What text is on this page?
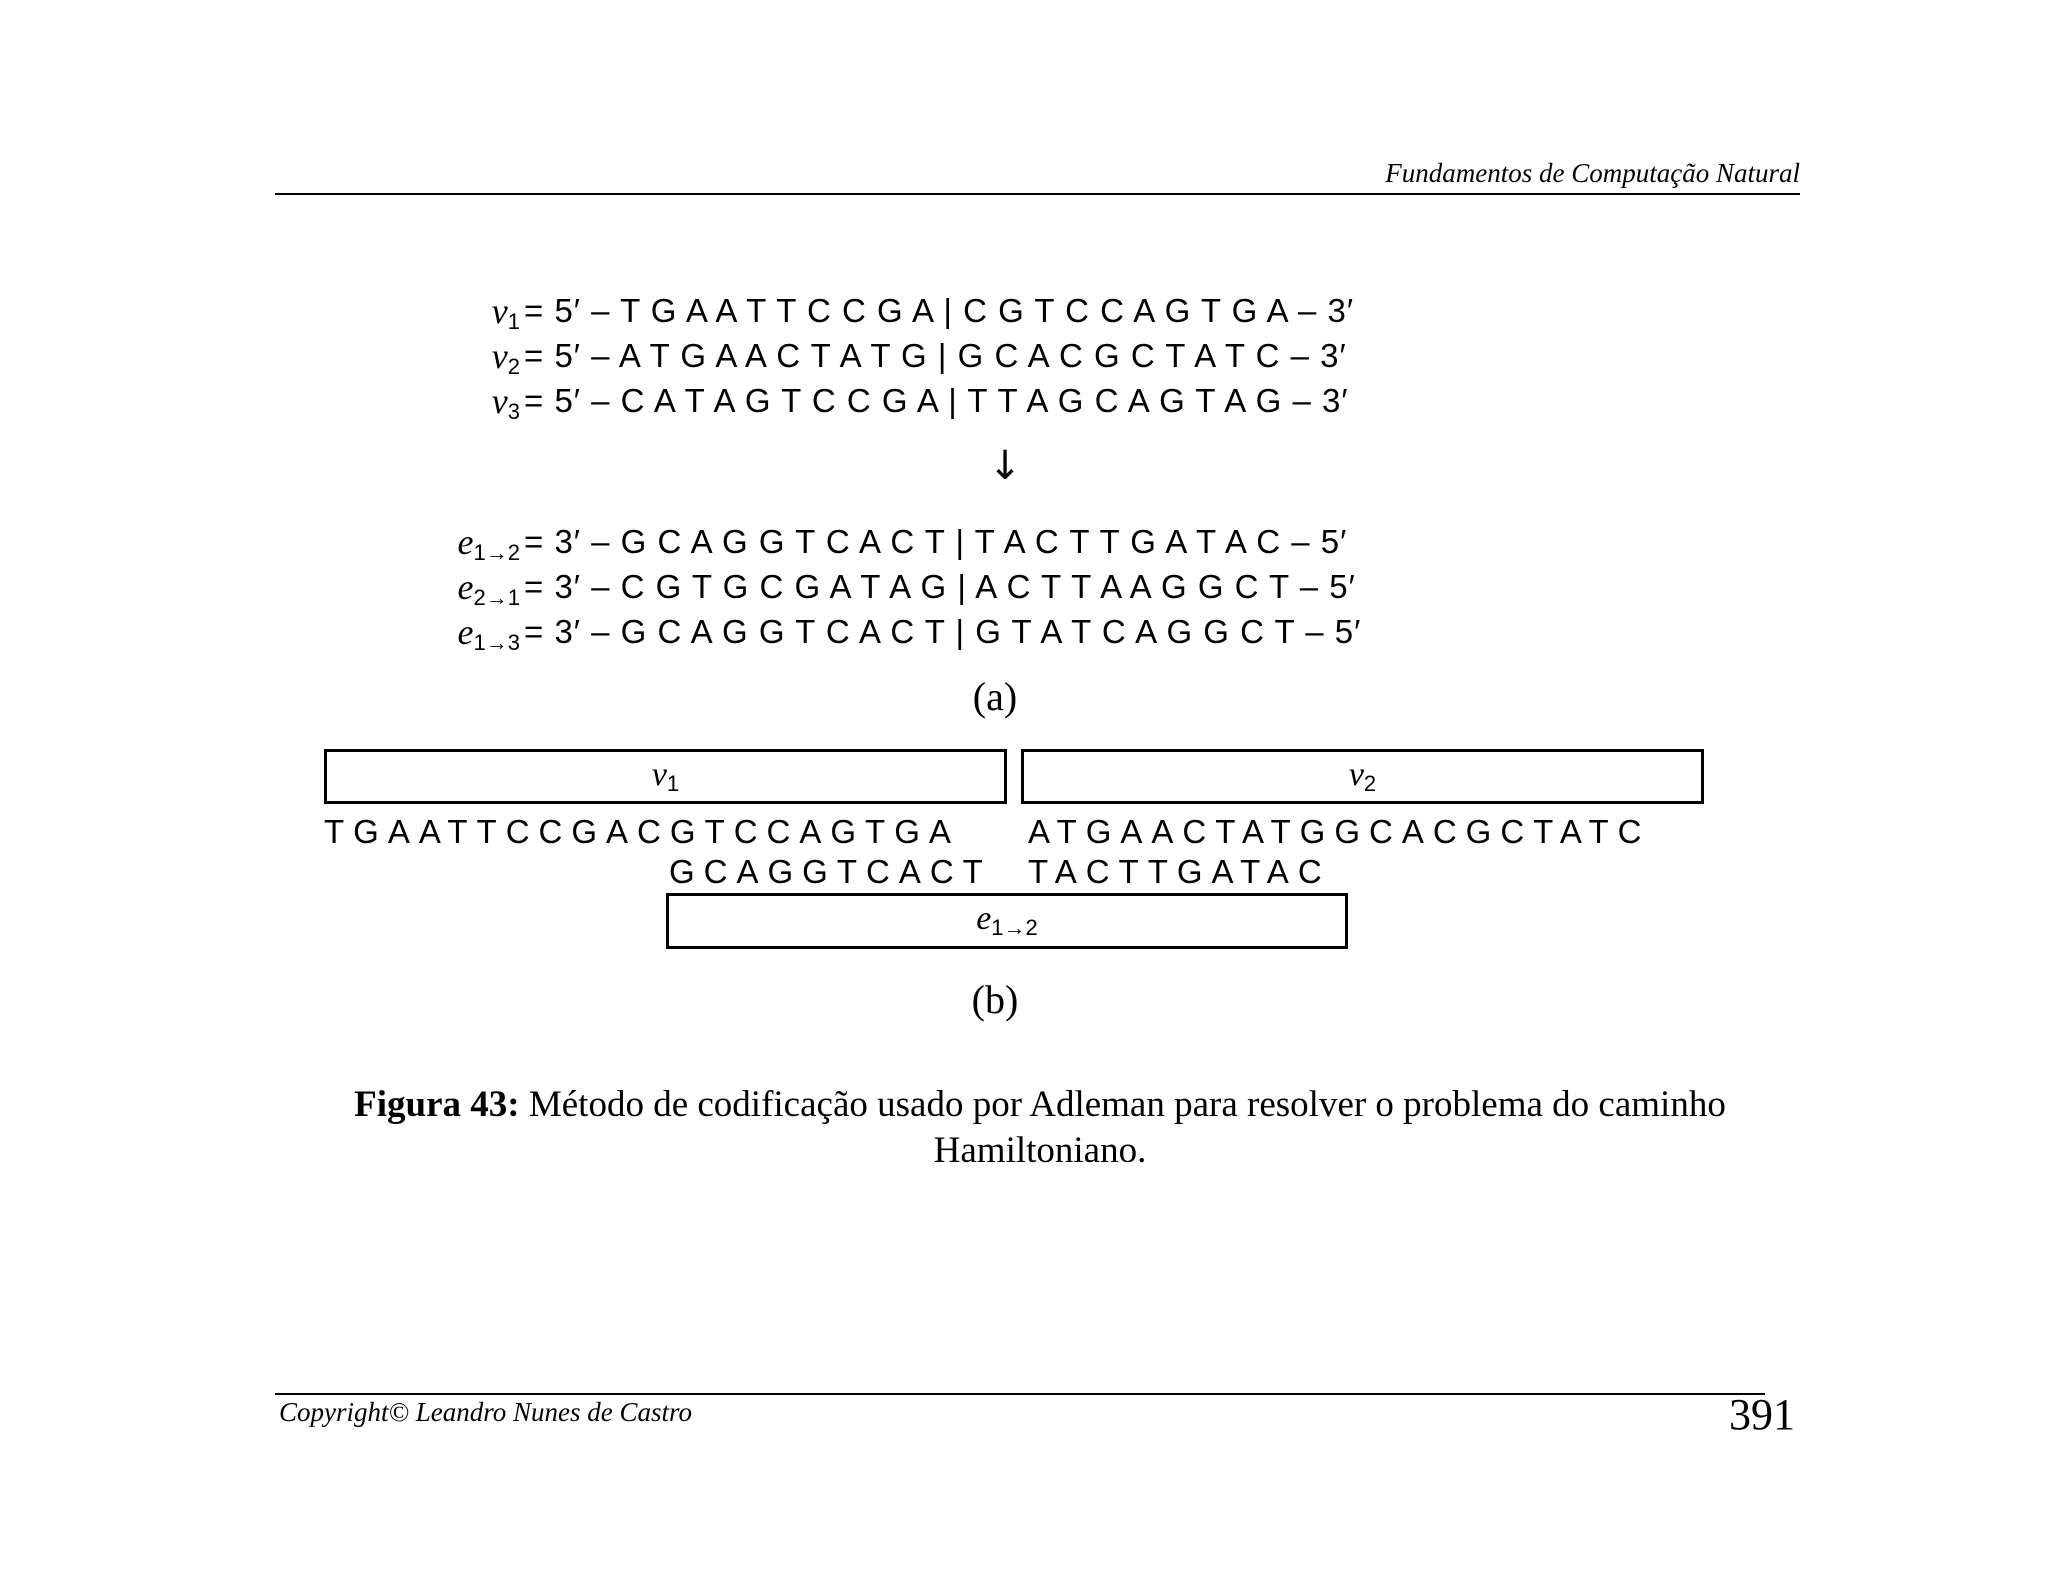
Fundamentos de Computação Natural
$v_1 = 5' - T$ G A A T T C C G A | C G T C C A G T G A – 3′
$v_2 = 5' - A$ T G A A C T A T G | G C A C G C T A T C – 3′
$v_3 = 5' - C$ A T A G T C C G A | T T A G C A G T A G – 3′
↓
$e_{1\to 2} = 3' - G$ C A G G T C A C T | T A C T T G A T A C – 5′
$e_{2\to 1} = 3' - C$ G T G C G A T A G | A C T T A A G G C T – 5′
$e_{1\to 3} = 3' - G$ C A G G T C A C T | G T A T C A G G C T – 5′
(a)
$v_1$	$v_2$
TGAATTCCGACGTCCAGTGA ATGAACTATGGCACGCTATC
GCAGGTCACT TACTTGATAC
$e_{1\to 2}$
(b)
Figura 43: Método de codificação usado por Adleman para resolver o problema do caminho Hamiltoniano.
Copyright© Leandro Nunes de Castro	391
